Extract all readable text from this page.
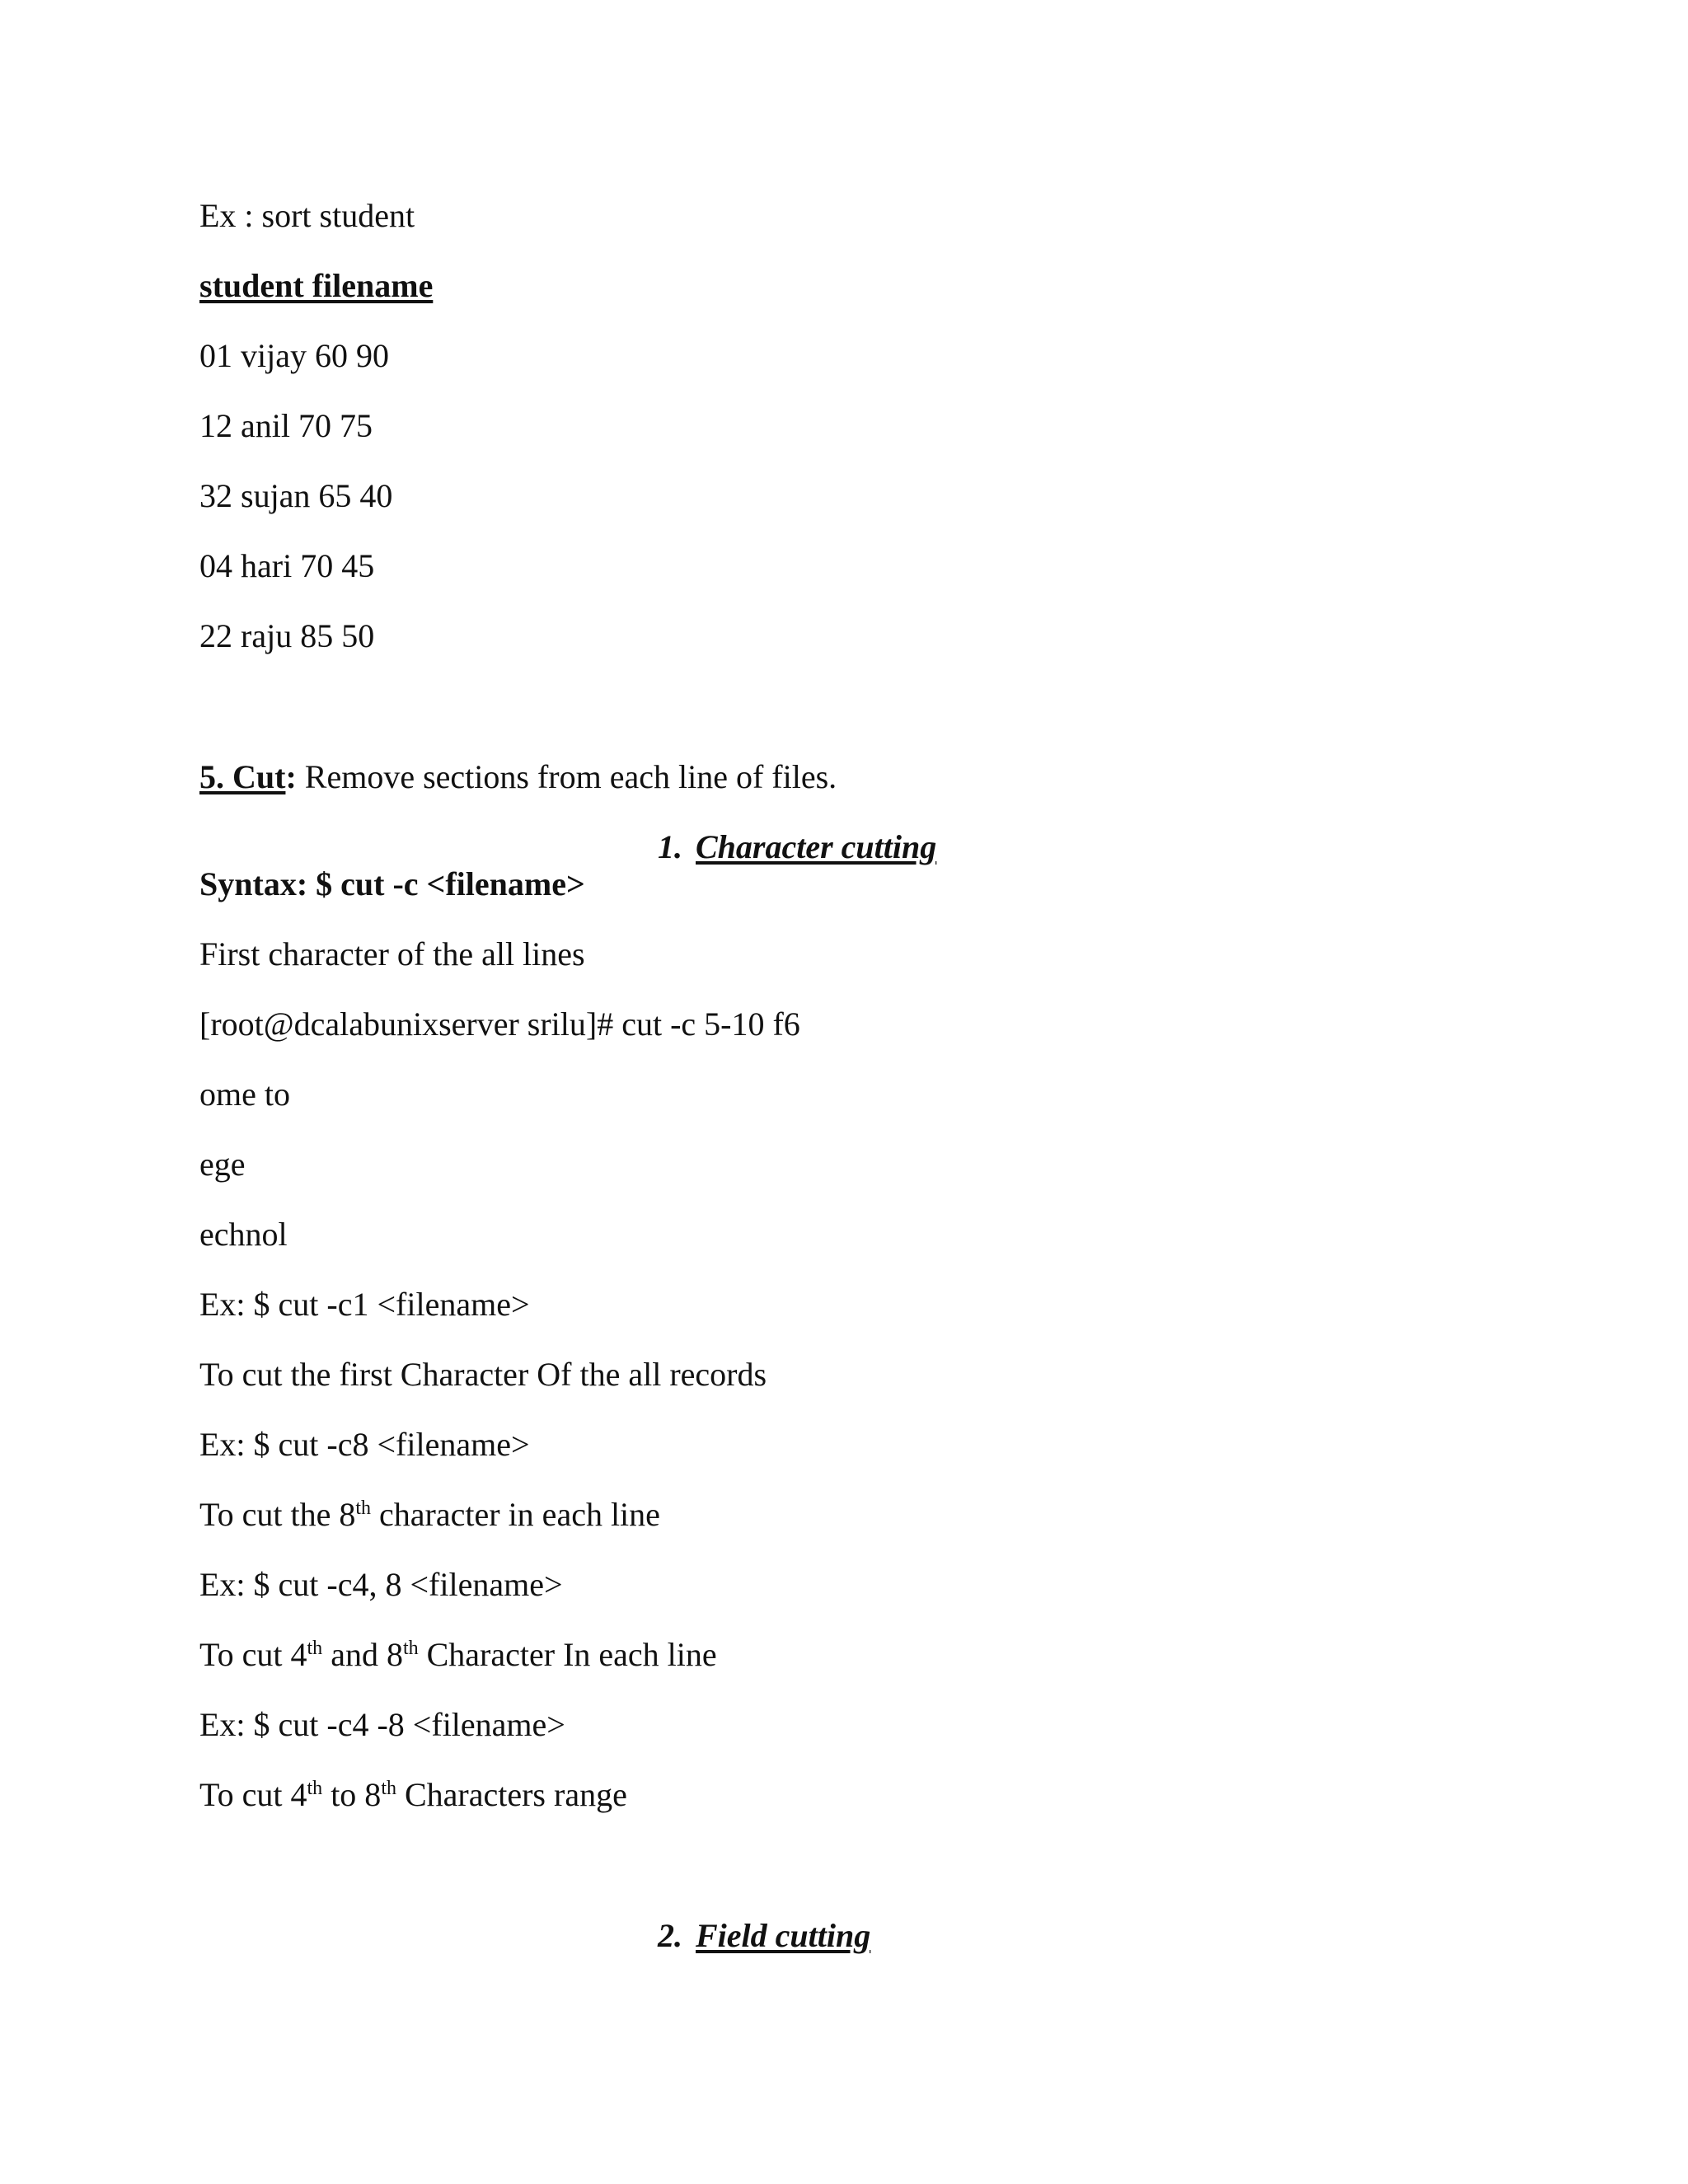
Ex : sort student
student filename
01 vijay 60 90
12 anil 70 75
32 sujan 65 40
04 hari 70 45
22 raju 85 50
5. Cut: Remove sections from each line of files.
1. Character cutting
Syntax: $ cut -c <filename>
First character of the all lines
[root@dcalabunixserver srilu]# cut -c 5-10 f6
ome to
ege
echnol
Ex: $ cut -c1 <filename>
To cut the first Character Of the all records
Ex: $ cut -c8 <filename>
To cut the 8th character in each line
Ex: $ cut -c4, 8 <filename>
To cut 4th and 8th Character In each line
Ex: $ cut -c4 -8 <filename>
To cut 4th to 8th Characters range
2. Field cutting
